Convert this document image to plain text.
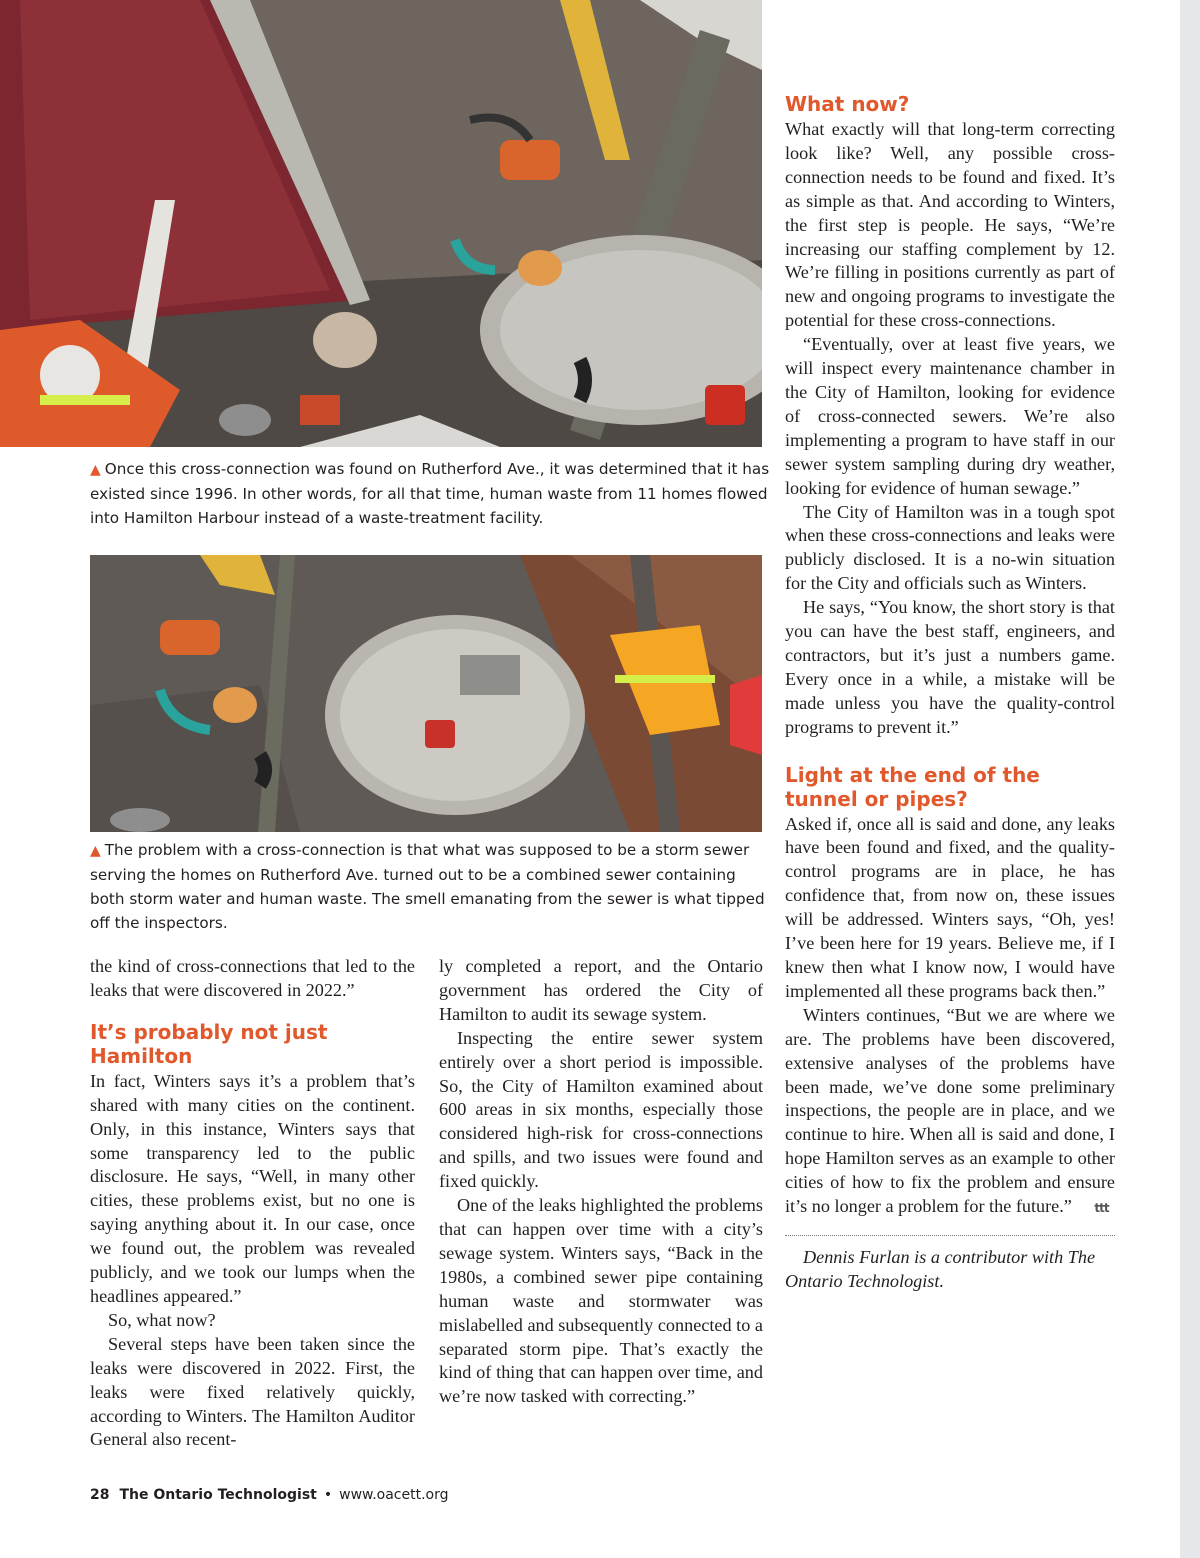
▲ Once this cross-connection was found on Rutherford Ave., it was determined that it has existed since 1996. In other words, for all that time, human waste from 11 homes flowed into Hamilton Harbour instead of a waste-treatment facility.

▲ The problem with a cross-connection is that what was supposed to be a storm sewer serving the homes on Rutherford Ave. turned out to be a combined sewer containing both storm water and human waste. The smell emanating from the sewer is what tipped off the inspectors.

the kind of cross-connections that led to the leaks that were discovered in 2022.”

It’s probably not just Hamilton

In fact, Winters says it’s a problem that’s shared with many cities on the continent. Only, in this instance, Winters says that some transparency led to the public disclosure. He says, “Well, in many other cities, these problems exist, but no one is saying anything about it. In our case, once we found out, the problem was revealed publicly, and we took our lumps when the headlines appeared.”

So, what now?

Several steps have been taken since the leaks were discovered in 2022. First, the leaks were fixed relatively quickly, according to Winters. The Hamilton Auditor General also recent-

ly completed a report, and the Ontario government has ordered the City of Hamilton to audit its sewage system.

Inspecting the entire sewer system entirely over a short period is impossible. So, the City of Hamilton examined about 600 areas in six months, especially those considered high-risk for cross-connections and spills, and two issues were found and fixed quickly.

One of the leaks highlighted the problems that can happen over time with a city’s sewage system. Winters says, “Back in the 1980s, a combined sewer pipe containing human waste and stormwater was mislabelled and subsequently connected to a separated storm pipe. That’s exactly the kind of thing that can happen over time, and we’re now tasked with correcting.”

What now?

What exactly will that long-term correcting look like? Well, any possible cross-connection needs to be found and fixed. It’s as simple as that. And according to Winters, the first step is people. He says, “We’re increasing our staffing complement by 12. We’re filling in positions currently as part of new and ongoing programs to investigate the potential for these cross-connections.

“Eventually, over at least five years, we will inspect every maintenance chamber in the City of Hamilton, looking for evidence of cross-connected sewers. We’re also implementing a program to have staff in our sewer system sampling during dry weather, looking for evidence of human sewage.”

The City of Hamilton was in a tough spot when these cross-connections and leaks were publicly disclosed. It is a no-win situation for the City and officials such as Winters.

He says, “You know, the short story is that you can have the best staff, engineers, and contractors, but it’s just a numbers game. Every once in a while, a mistake will be made unless you have the quality-control programs to prevent it.”

Light at the end of the tunnel or pipes?

Asked if, once all is said and done, any leaks have been found and fixed, and the quality-control programs are in place, he has confidence that, from now on, these issues will be addressed. Winters says, “Oh, yes! I’ve been here for 19 years. Believe me, if I knew then what I know now, I would have implemented all these programs back then.”

Winters continues, “But we are where we are. The problems have been discovered, extensive analyses of the problems have been made, we’ve done some preliminary inspections, the people are in place, and we continue to hire. When all is said and done, I hope Hamilton serves as an example to other cities of how to fix the problem and ensure it’s no longer a problem for the future.” ttt

Dennis Furlan is a contributor with The Ontario Technologist.

28 The Ontario Technologist • www.oacett.org
